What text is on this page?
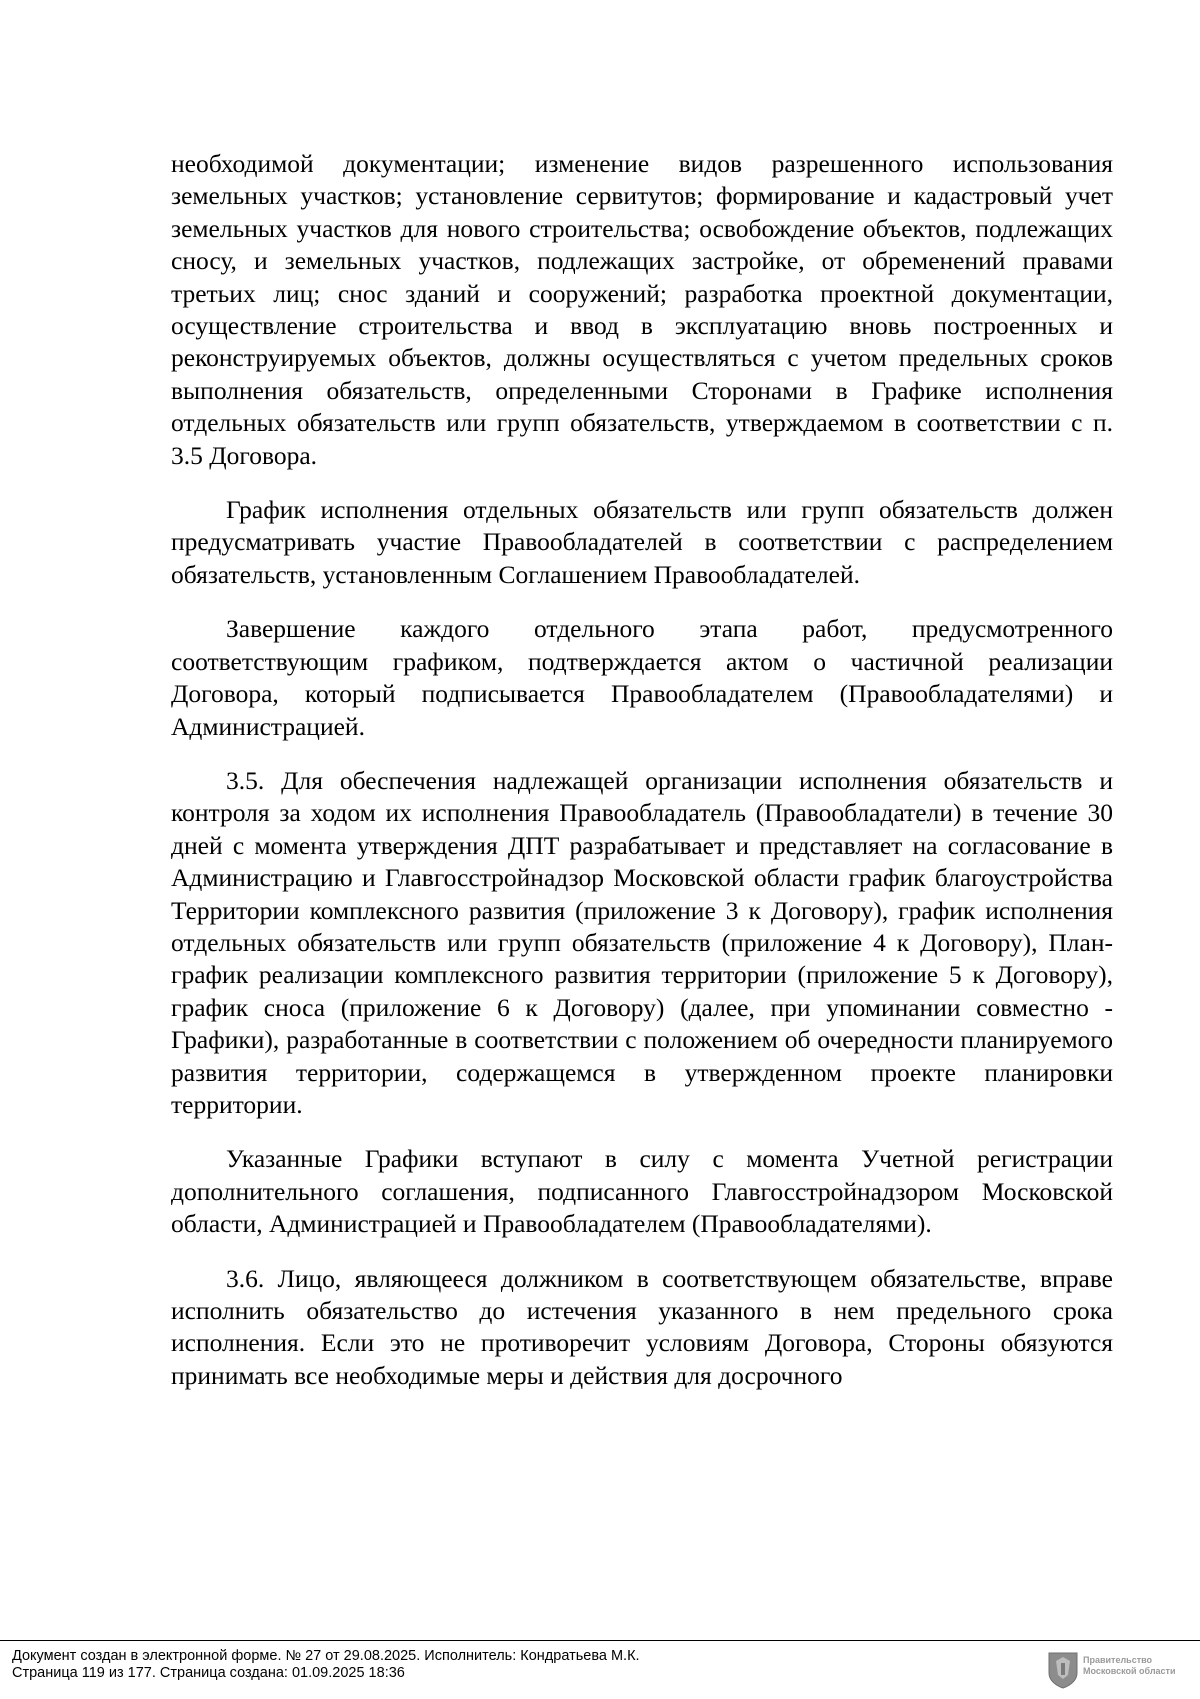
необходимой документации; изменение видов разрешенного использования земельных участков; установление сервитутов; формирование и кадастровый учет земельных участков для нового строительства; освобождение объектов, подлежащих сносу, и земельных участков, подлежащих застройке, от обременений правами третьих лиц; снос зданий и сооружений; разработка проектной документации, осуществление строительства и ввод в эксплуатацию вновь построенных и реконструируемых объектов, должны осуществляться с учетом предельных сроков выполнения обязательств, определенными Сторонами в Графике исполнения отдельных обязательств или групп обязательств, утверждаемом в соответствии с п. 3.5 Договора.

График исполнения отдельных обязательств или групп обязательств должен предусматривать участие Правообладателей в соответствии с распределением обязательств, установленным Соглашением Правообладателей.

Завершение каждого отдельного этапа работ, предусмотренного соответствующим графиком, подтверждается актом о частичной реализации Договора, который подписывается Правообладателем (Правообладателями) и Администрацией.

3.5. Для обеспечения надлежащей организации исполнения обязательств и контроля за ходом их исполнения Правообладатель (Правообладатели) в течение 30 дней с момента утверждения ДПТ разрабатывает и представляет на согласование в Администрацию и Главгосстройнадзор Московской области график благоустройства Территории комплексного развития (приложение 3 к Договору), график исполнения отдельных обязательств или групп обязательств (приложение 4 к Договору), План-график реализации комплексного развития территории (приложение 5 к Договору), график сноса (приложение 6 к Договору) (далее, при упоминании совместно - Графики), разработанные в соответствии с положением об очередности планируемого развития территории, содержащемся в утвержденном проекте планировки территории.

Указанные Графики вступают в силу с момента Учетной регистрации дополнительного соглашения, подписанного Главгосстройнадзором Московской области, Администрацией и Правообладателем (Правообладателями).

3.6. Лицо, являющееся должником в соответствующем обязательстве, вправе исполнить обязательство до истечения указанного в нем предельного срока исполнения. Если это не противоречит условиям Договора, Стороны обязуются принимать все необходимые меры и действия для досрочного

Документ создан в электронной форме. № 27 от 29.08.2025. Исполнитель: Кондратьева М.К.
Страница 119 из 177. Страница создана: 01.09.2025 18:36
Правительство
Московской области
